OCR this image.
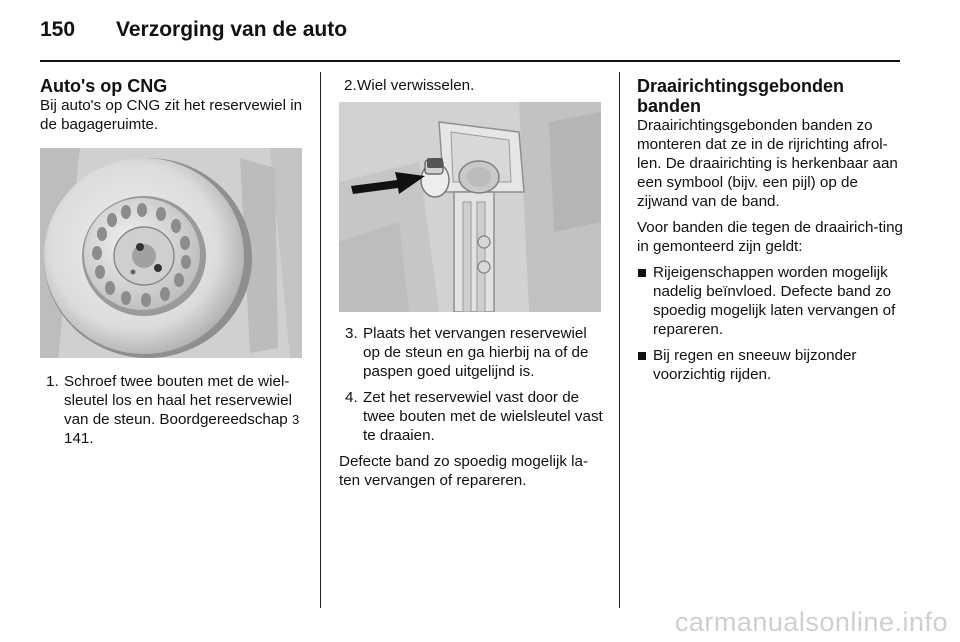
150	Verzorging van de auto
Auto's op CNG

Bij auto's op CNG zit het reservewiel in de bagageruimte.

1. Schroef twee bouten met de wiel-sleutel los en haal het reservewiel van de steun. Boordgereedschap 3 141.
2. Wiel verwisselen.
3. Plaats het vervangen reservewiel op de steun en ga hierbij na of de paspen goed uitgelijnd is.
4. Zet het reservewiel vast door de twee bouten met de wielsleutel vast te draaien.

Defecte band zo spoedig mogelijk la-ten vervangen of repareren.

Draairichtingsgebonden banden

Draairichtingsgebonden banden zo monteren dat ze in de rijrichting afrol-len. De draairichting is herkenbaar aan een symbool (bijv. een pijl) op de zijwand van de band.

Voor banden die tegen de draairich-ting in gemonteerd zijn geldt:

Rijeigenschappen worden mogelijk nadelig beïnvloed. Defecte band zo spoedig mogelijk laten vervangen of repareren.
Bij regen en sneeuw bijzonder voorzichtig rijden.
carmanualsonline.info
